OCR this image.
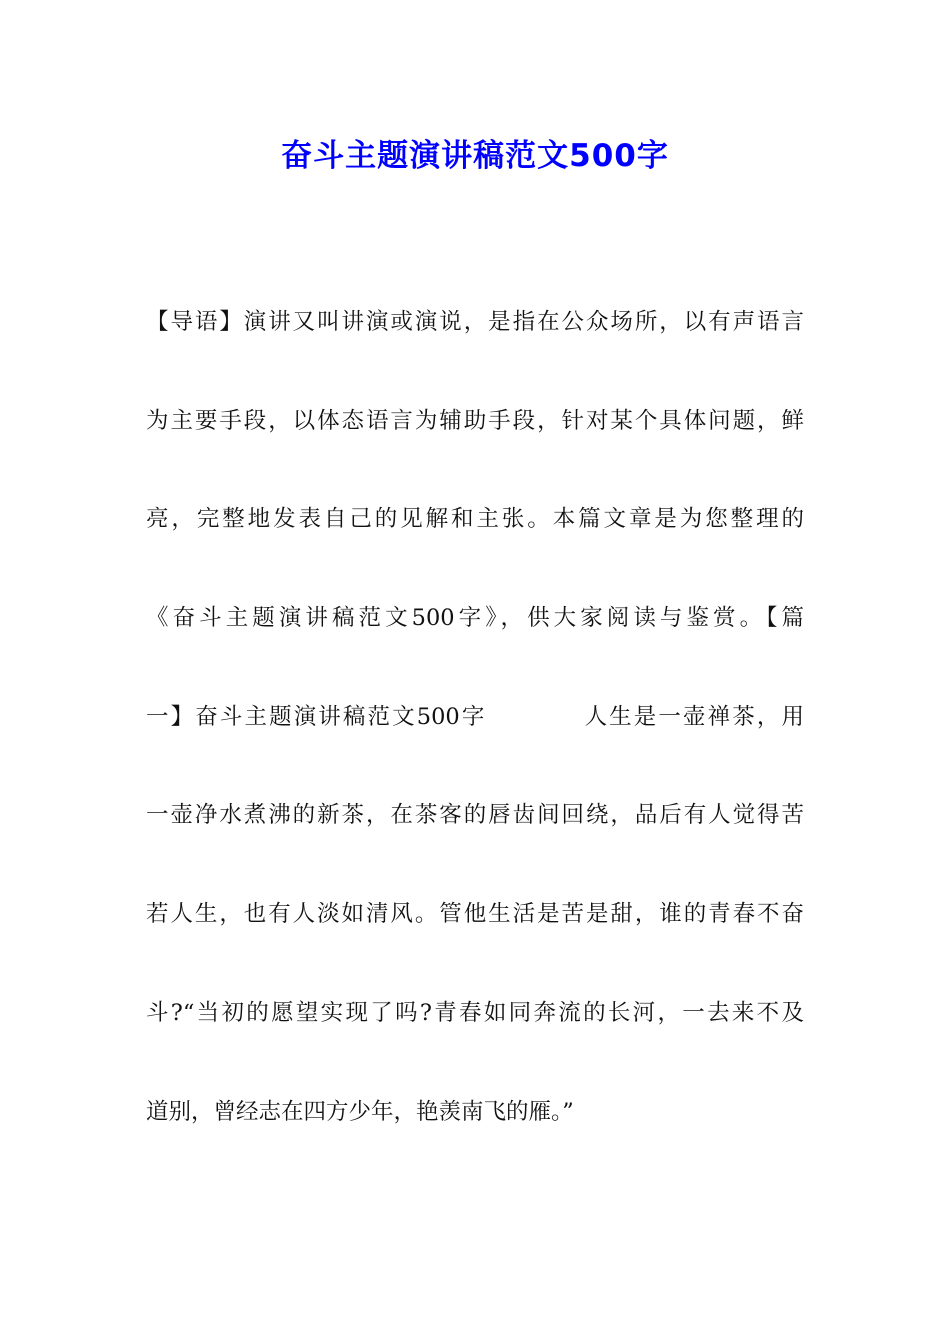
奋斗主题演讲稿范文500字
【导语】演讲又叫讲演或演说，是指在公众场所，以有声语言
为主要手段，以体态语言为辅助手段，针对某个具体问题，鲜
亮，完整地发表自己的见解和主张。本篇文章是为您整理的
《奋斗主题演讲稿范文500字》，供大家阅读与鉴赏。【篇
一】奋斗主题演讲稿范文500字	人生是一壶禅茶，用
一壶净水煮沸的新茶，在茶客的唇齿间回绕，品后有人觉得苦
若人生，也有人淡如清风。管他生活是苦是甜，谁的青春不奋
斗?“当初的愿望实现了吗?青春如同奔流的长河，一去来不及
道别，曾经志在四方少年，艳羡南飞的雁。”
